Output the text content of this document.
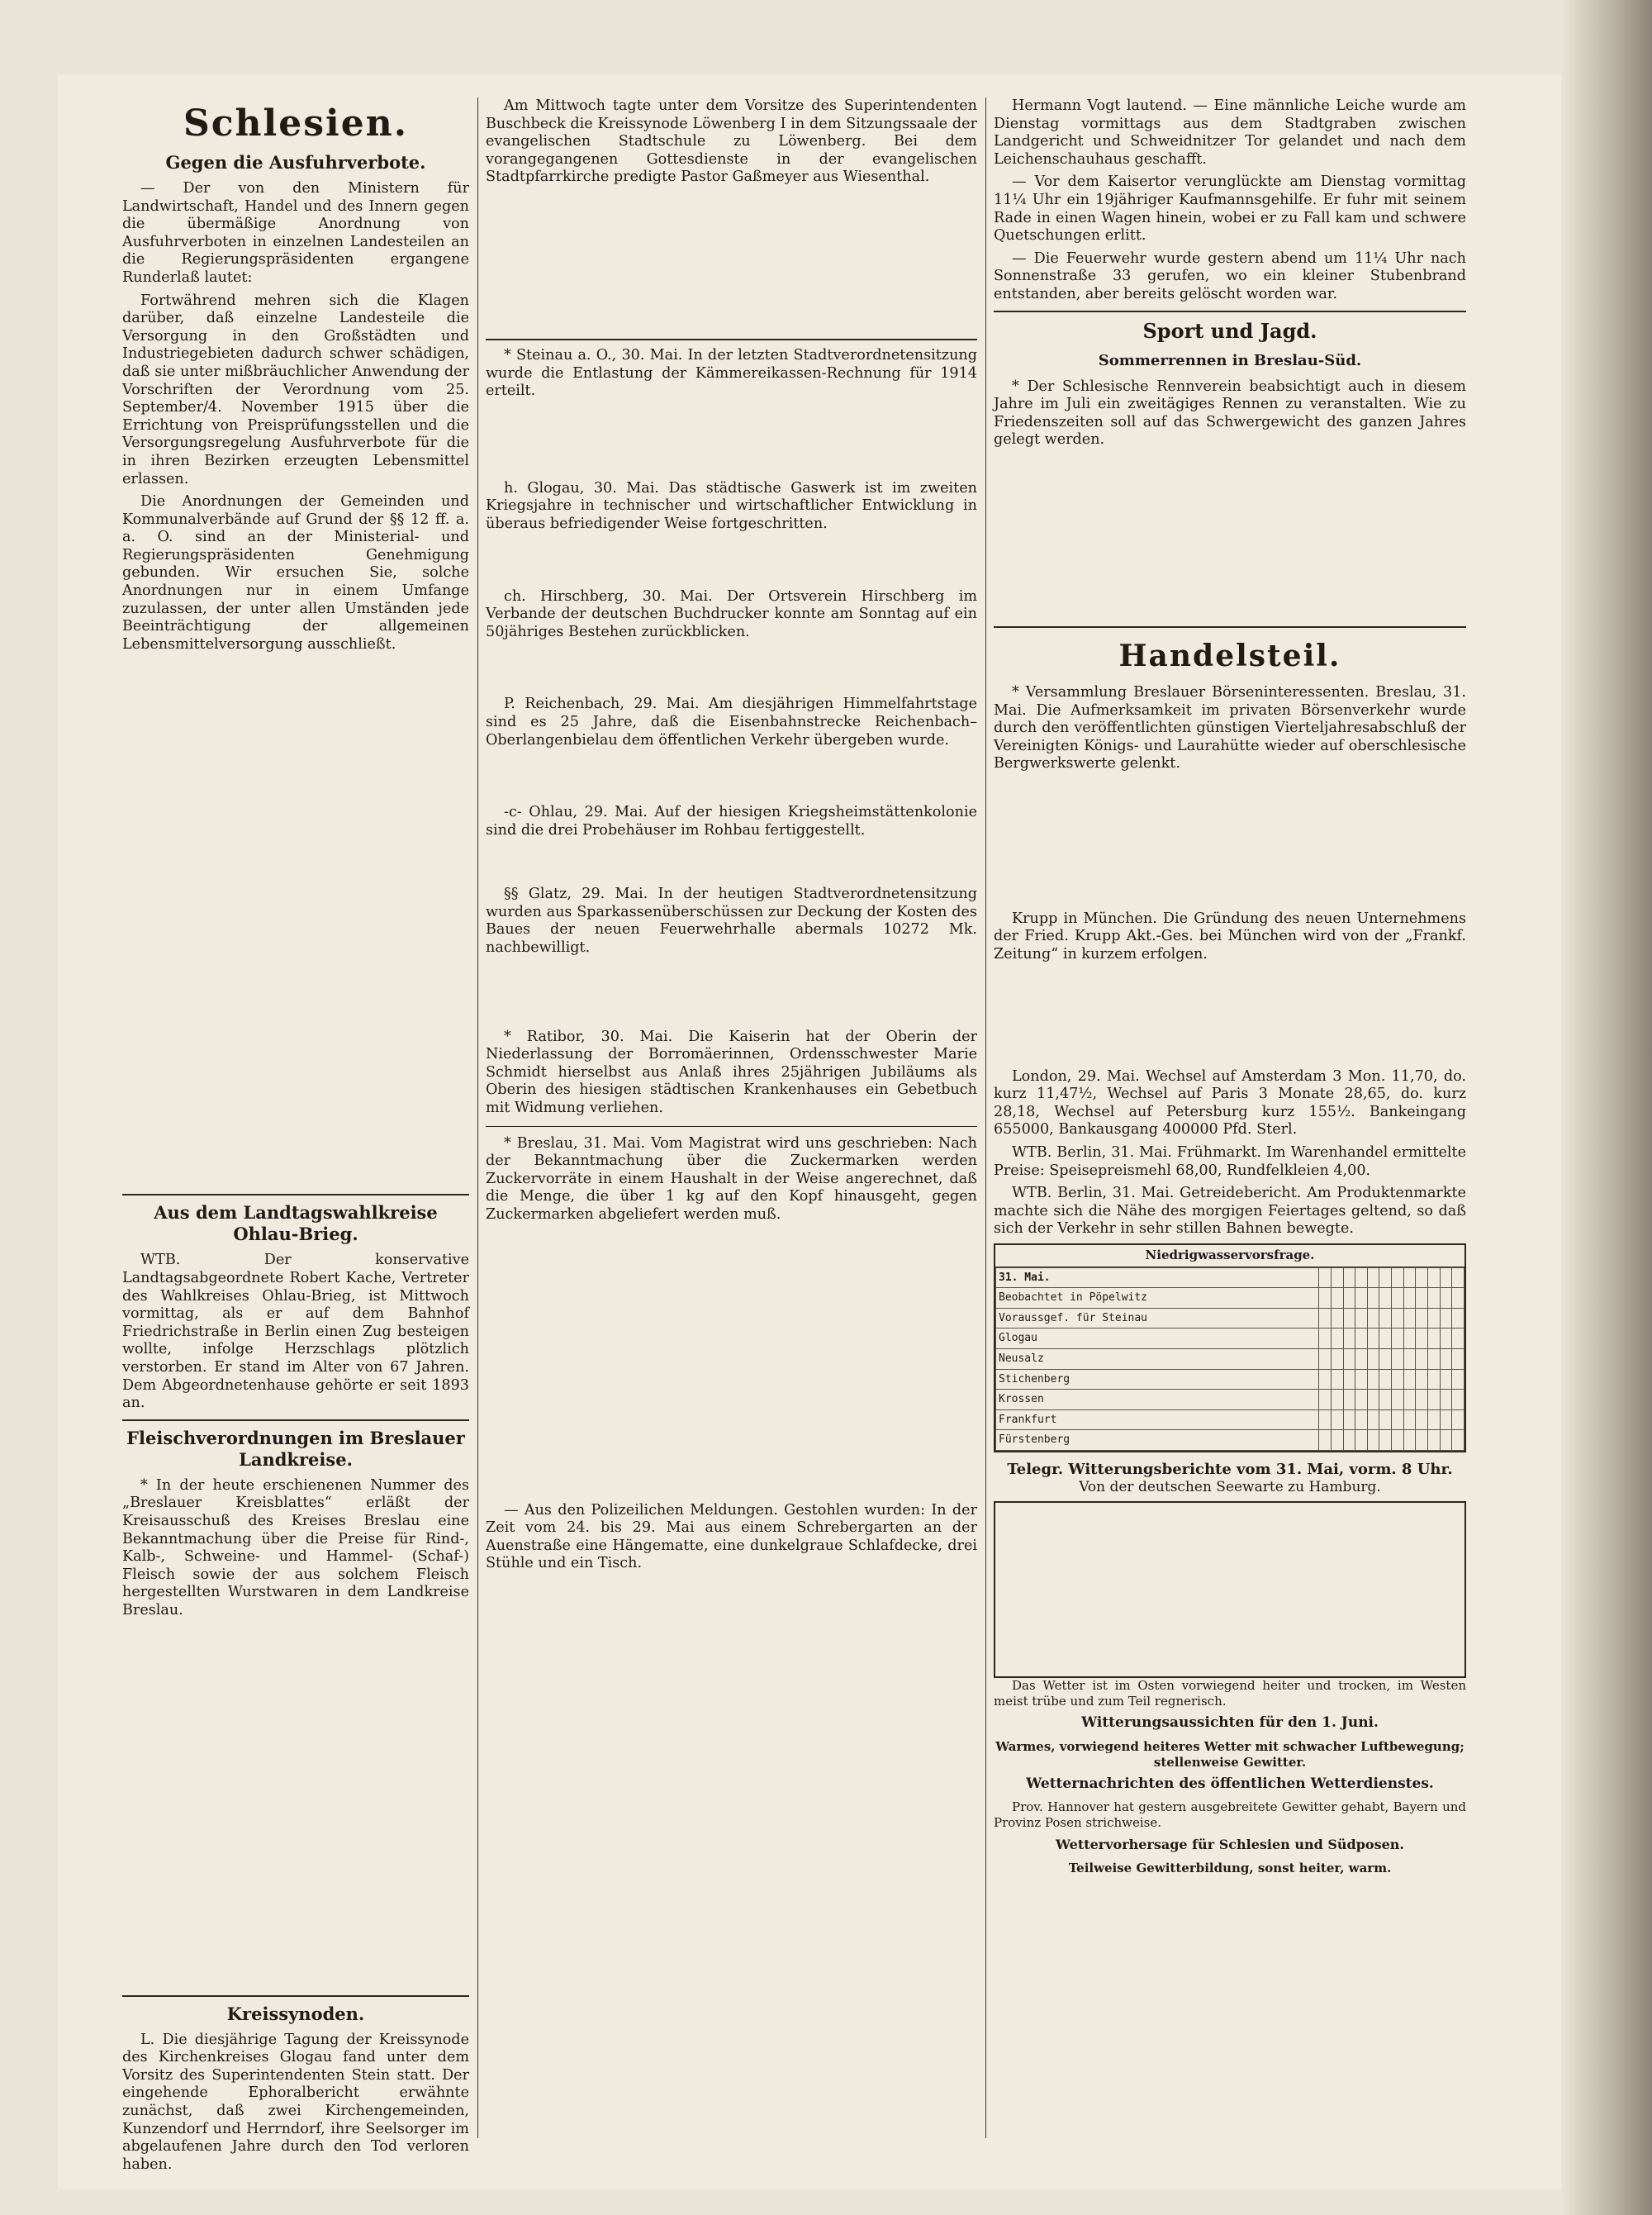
Schlesien.
Gegen die Ausfuhrverbote.

— Der von den Ministern für Landwirtschaft, Handel und des Innern gegen die übermäßige Anordnung von Ausfuhrverboten in einzelnen Landesteilen an die Regierungspräsidenten ergangene Runderlaß lautet:

Fortwährend mehren sich die Klagen darüber, daß einzelne Landesteile die Versorgung in den Großstädten und Industriegebieten dadurch schwer schädigen, daß sie unter mißbräuchlicher Anwendung der Vorschriften der Verordnung vom 25. September/4. November 1915 über die Errichtung von Preisprüfungsstellen und die Versorgungsregelung Ausfuhrverbote für die in ihren Bezirken erzeugten Lebensmittel erlassen.

Die Anordnungen der Gemeinden und Kommunalverbände auf Grund der §§ 12 ff. a. a. O. sind an der Ministerial- und Regierungspräsidenten Genehmigung gebunden. Wir ersuchen Sie, solche Anordnungen nur in einem Umfange zuzulassen, der unter allen Umständen jede Beeinträchtigung der allgemeinen Lebensmittelversorgung ausschließt.

Aus dem Landtagswahlkreise Ohlau-Brieg.

WTB. Der konservative Landtagsabgeordnete Robert Kache, Vertreter des Wahlkreises Ohlau-Brieg, ist Mittwoch vormittag, als er auf dem Bahnhof Friedrichstraße in Berlin einen Zug besteigen wollte, infolge Herzschlags plötzlich verstorben. Er stand im Alter von 67 Jahren. Dem Abgeordnetenhause gehörte er seit 1893 an.

Fleischverordnungen im Breslauer Landkreise.

* In der heute erschienenen Nummer des „Breslauer Kreisblattes“ erläßt der Kreisausschuß des Kreises Breslau eine Bekanntmachung über die Preise für Rind-, Kalb-, Schweine- und Hammel- (Schaf-) Fleisch sowie der aus solchem Fleisch hergestellten Wurstwaren in dem Landkreise Breslau.

Kreissynoden.

L. Die diesjährige Tagung der Kreissynode des Kirchenkreises Glogau fand unter dem Vorsitz des Superintendenten Stein statt. Der eingehende Ephoralbericht erwähnte zunächst, daß zwei Kirchengemeinden, Kunzendorf und Herrndorf, ihre Seelsorger im abgelaufenen Jahre durch den Tod verloren haben.

Am Mittwoch tagte unter dem Vorsitze des Superintendenten Buschbeck die Kreissynode Löwenberg I in dem Sitzungssaale der evangelischen Stadtschule zu Löwenberg. Bei dem vorangegangenen Gottesdienste in der evangelischen Stadtpfarrkirche predigte Pastor Gaßmeyer aus Wiesenthal.

* Steinau a. O., 30. Mai. In der letzten Stadtverordnetensitzung wurde die Entlastung der Kämmereikassen-Rechnung für 1914 erteilt.

h. Glogau, 30. Mai. Das städtische Gaswerk ist im zweiten Kriegsjahre in technischer und wirtschaftlicher Entwicklung in überaus befriedigender Weise fortgeschritten.

ch. Hirschberg, 30. Mai. Der Ortsverein Hirschberg im Verbande der deutschen Buchdrucker konnte am Sonntag auf ein 50jähriges Bestehen zurückblicken.

P. Reichenbach, 29. Mai. Am diesjährigen Himmelfahrtstage sind es 25 Jahre, daß die Eisenbahnstrecke Reichenbach–Oberlangenbielau dem öffentlichen Verkehr übergeben wurde.

-c- Ohlau, 29. Mai. Auf der hiesigen Kriegsheimstättenkolonie sind die drei Probehäuser im Rohbau fertiggestellt.

§§ Glatz, 29. Mai. In der heutigen Stadtverordnetensitzung wurden aus Sparkassenüberschüssen zur Deckung der Kosten des Baues der neuen Feuerwehrhalle abermals 10272 Mk. nachbewilligt.

* Ratibor, 30. Mai. Die Kaiserin hat der Oberin der Niederlassung der Borromäerinnen, Ordensschwester Marie Schmidt hierselbst aus Anlaß ihres 25jährigen Jubiläums als Oberin des hiesigen städtischen Krankenhauses ein Gebetbuch mit Widmung verliehen.

* Breslau, 31. Mai. Vom Magistrat wird uns geschrieben: Nach der Bekanntmachung über die Zuckermarken werden Zuckervorräte in einem Haushalt in der Weise angerechnet, daß die Menge, die über 1 kg auf den Kopf hinausgeht, gegen Zuckermarken abgeliefert werden muß.

— Aus den Polizeilichen Meldungen. Gestohlen wurden: In der Zeit vom 24. bis 29. Mai aus einem Schrebergarten an der Auenstraße eine Hängematte, eine dunkelgraue Schlafdecke, drei Stühle und ein Tisch.

Hermann Vogt lautend. — Eine männliche Leiche wurde am Dienstag vormittags aus dem Stadtgraben zwischen Landgericht und Schweidnitzer Tor gelandet und nach dem Leichenschauhaus geschafft.

— Vor dem Kaisertor verunglückte am Dienstag vormittag 11¼ Uhr ein 19jähriger Kaufmannsgehilfe. Er fuhr mit seinem Rade in einen Wagen hinein, wobei er zu Fall kam und schwere Quetschungen erlitt.

— Die Feuerwehr wurde gestern abend um 11¼ Uhr nach Sonnenstraße 33 gerufen, wo ein kleiner Stubenbrand entstanden, aber bereits gelöscht worden war.

Sport und Jagd.
Sommerrennen in Breslau-Süd.

* Der Schlesische Rennverein beabsichtigt auch in diesem Jahre im Juli ein zweitägiges Rennen zu veranstalten. Wie zu Friedenszeiten soll auf das Schwergewicht des ganzen Jahres gelegt werden.

Handelsteil.

* Versammlung Breslauer Börseninteressenten. Breslau, 31. Mai. Die Aufmerksamkeit im privaten Börsenverkehr wurde durch den veröffentlichten günstigen Vierteljahresabschluß der Vereinigten Königs- und Laurahütte wieder auf oberschlesische Bergwerkswerte gelenkt.

Krupp in München. Die Gründung des neuen Unternehmens der Fried. Krupp Akt.-Ges. bei München wird von der „Frankf. Zeitung“ in kurzem erfolgen.

London, 29. Mai. Wechsel auf Amsterdam 3 Mon. 11,70, do. kurz 11,47½, Wechsel auf Paris 3 Monate 28,65, do. kurz 28,18, Wechsel auf Petersburg kurz 155½. Bankeingang 655000, Bankausgang 400000 Pfd. Sterl.

WTB. Berlin, 31. Mai. Frühmarkt. Im Warenhandel ermittelte Preise: Speisepreismehl 68,00, Rundfelkleien 4,00.

WTB. Berlin, 31. Mai. Getreidebericht. Am Produktenmarkte machte sich die Nähe des morgigen Feiertages geltend, so daß sich der Verkehr in sehr stillen Bahnen bewegte.

Niedrigwasservorsfrage.
31. Mai.												
Beobachtet in Pöpelwitz												
Voraussgef. für Steinau												
Glogau												
Neusalz												
Stichenberg												
Krossen												
Frankfurt												
Fürstenberg												
Telegr. Witterungsberichte vom 31. Mai, vorm. 8 Uhr.
Von der deutschen Seewarte zu Hamburg.

Das Wetter ist im Osten vorwiegend heiter und trocken, im Westen meist trübe und zum Teil regnerisch.

Witterungsaussichten für den 1. Juni.

Warmes, vorwiegend heiteres Wetter mit schwacher Luftbewegung; stellenweise Gewitter.

Wetternachrichten des öffentlichen Wetterdienstes.

Prov. Hannover hat gestern ausgebreitete Gewitter gehabt, Bayern und Provinz Posen strichweise.

Wettervorhersage für Schlesien und Südposen.

Teilweise Gewitterbildung, sonst heiter, warm.
